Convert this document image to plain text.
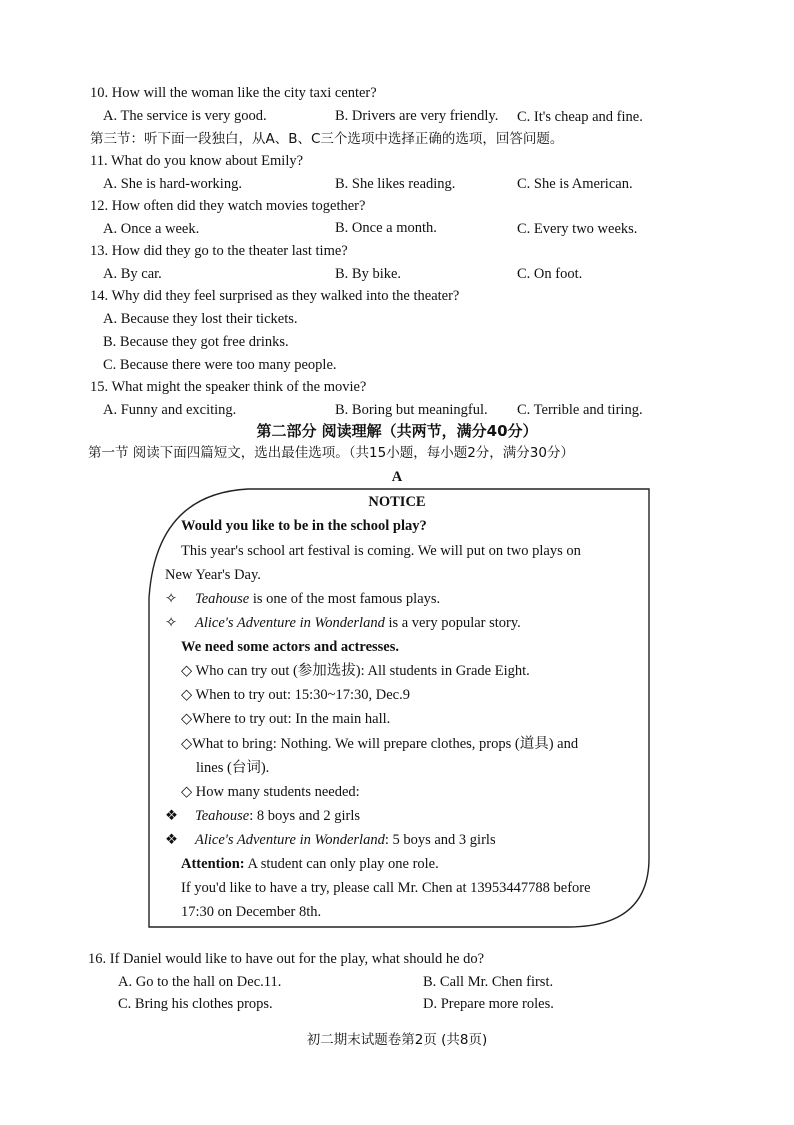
10. How will the woman like the city taxi center?
A. The service is very good.	B. Drivers are very friendly. C. It's cheap and fine.
第三节：听下面一段独白，从A、B、C三个选项中选择正确的选项，回答问题。
11. What do you know about Emily?
A. She is hard-working.	B. She likes reading.	C. She is American.
12. How often did they watch movies together?
A. Once a week.	B. Once a month.	C. Every two weeks.
13. How did they go to the theater last time?
A. By car.	B. By bike.	C. On foot.
14. Why did they feel surprised as they walked into the theater?
A. Because they lost their tickets.
B. Because they got free drinks.
C. Because there were too many people.
15. What might the speaker think of the movie?
A. Funny and exciting.	B. Boring but meaningful. C. Terrible and tiring.
第二部分 阅读理解（共两节，满分40分）
第一节 阅读下面四篇短文，选出最佳选项。（共15小题，每小题2分，满分30分）
A
NOTICE
Would you like to be in the school play?
This year's school art festival is coming. We will put on two plays on
New Year's Day.
✧ Teahouse is one of the most famous plays.
✧ Alice's Adventure in Wonderland is a very popular story.
We need some actors and actresses.
◇ Who can try out (参加选拔): All students in Grade Eight.
◇ When to try out: 15:30~17:30, Dec.9
◇Where to try out: In the main hall.
◇What to bring: Nothing. We will prepare clothes, props (道具) and
lines (台词).
◇ How many students needed:
❖ Teahouse: 8 boys and 2 girls
❖ Alice's Adventure in Wonderland: 5 boys and 3 girls
Attention: A student can only play one role.
If you'd like to have a try, please call Mr. Chen at 13953447788 before
17:30 on December 8th.
16. If Daniel would like to have out for the play, what should he do?
A. Go to the hall on Dec.11.	B. Call Mr. Chen first.
C. Bring his clothes props.	D. Prepare more roles.
初二期末试题卷第2页 (共8页)
